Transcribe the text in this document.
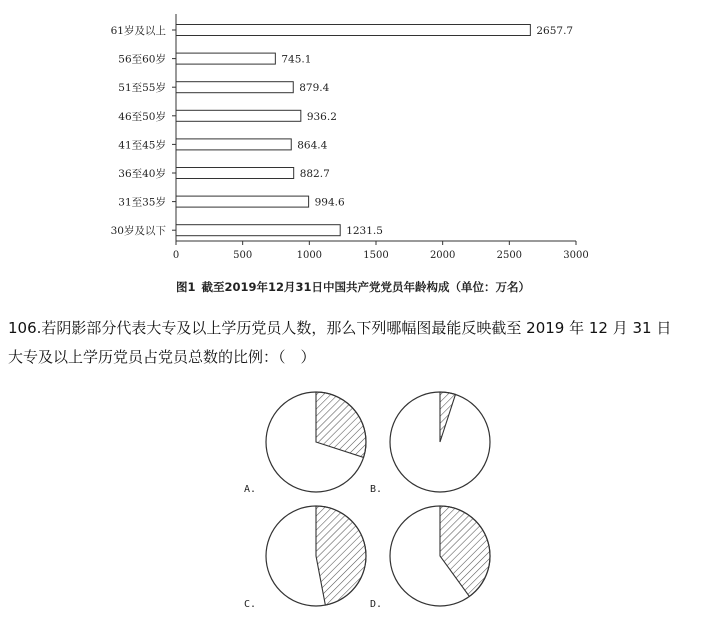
0	500	1000	1500	2000	2500	3000
61岁及以上	2657.7
56至60岁	745.1
51至55岁	879.4
46至50岁	936.2
41至45岁	864.4
36至40岁	882.7
31至35岁	994.6
30岁及以下	1231.5
图1 截至2019年12月31日中国共产党党员年龄构成（单位：万名）
106.若阴影部分代表大专及以上学历党员人数，那么下列哪幅图最能反映截至 2019 年 12 月 31 日
大专及以上学历党员占党员总数的比例：（　）
A.	B.
C.	D.
